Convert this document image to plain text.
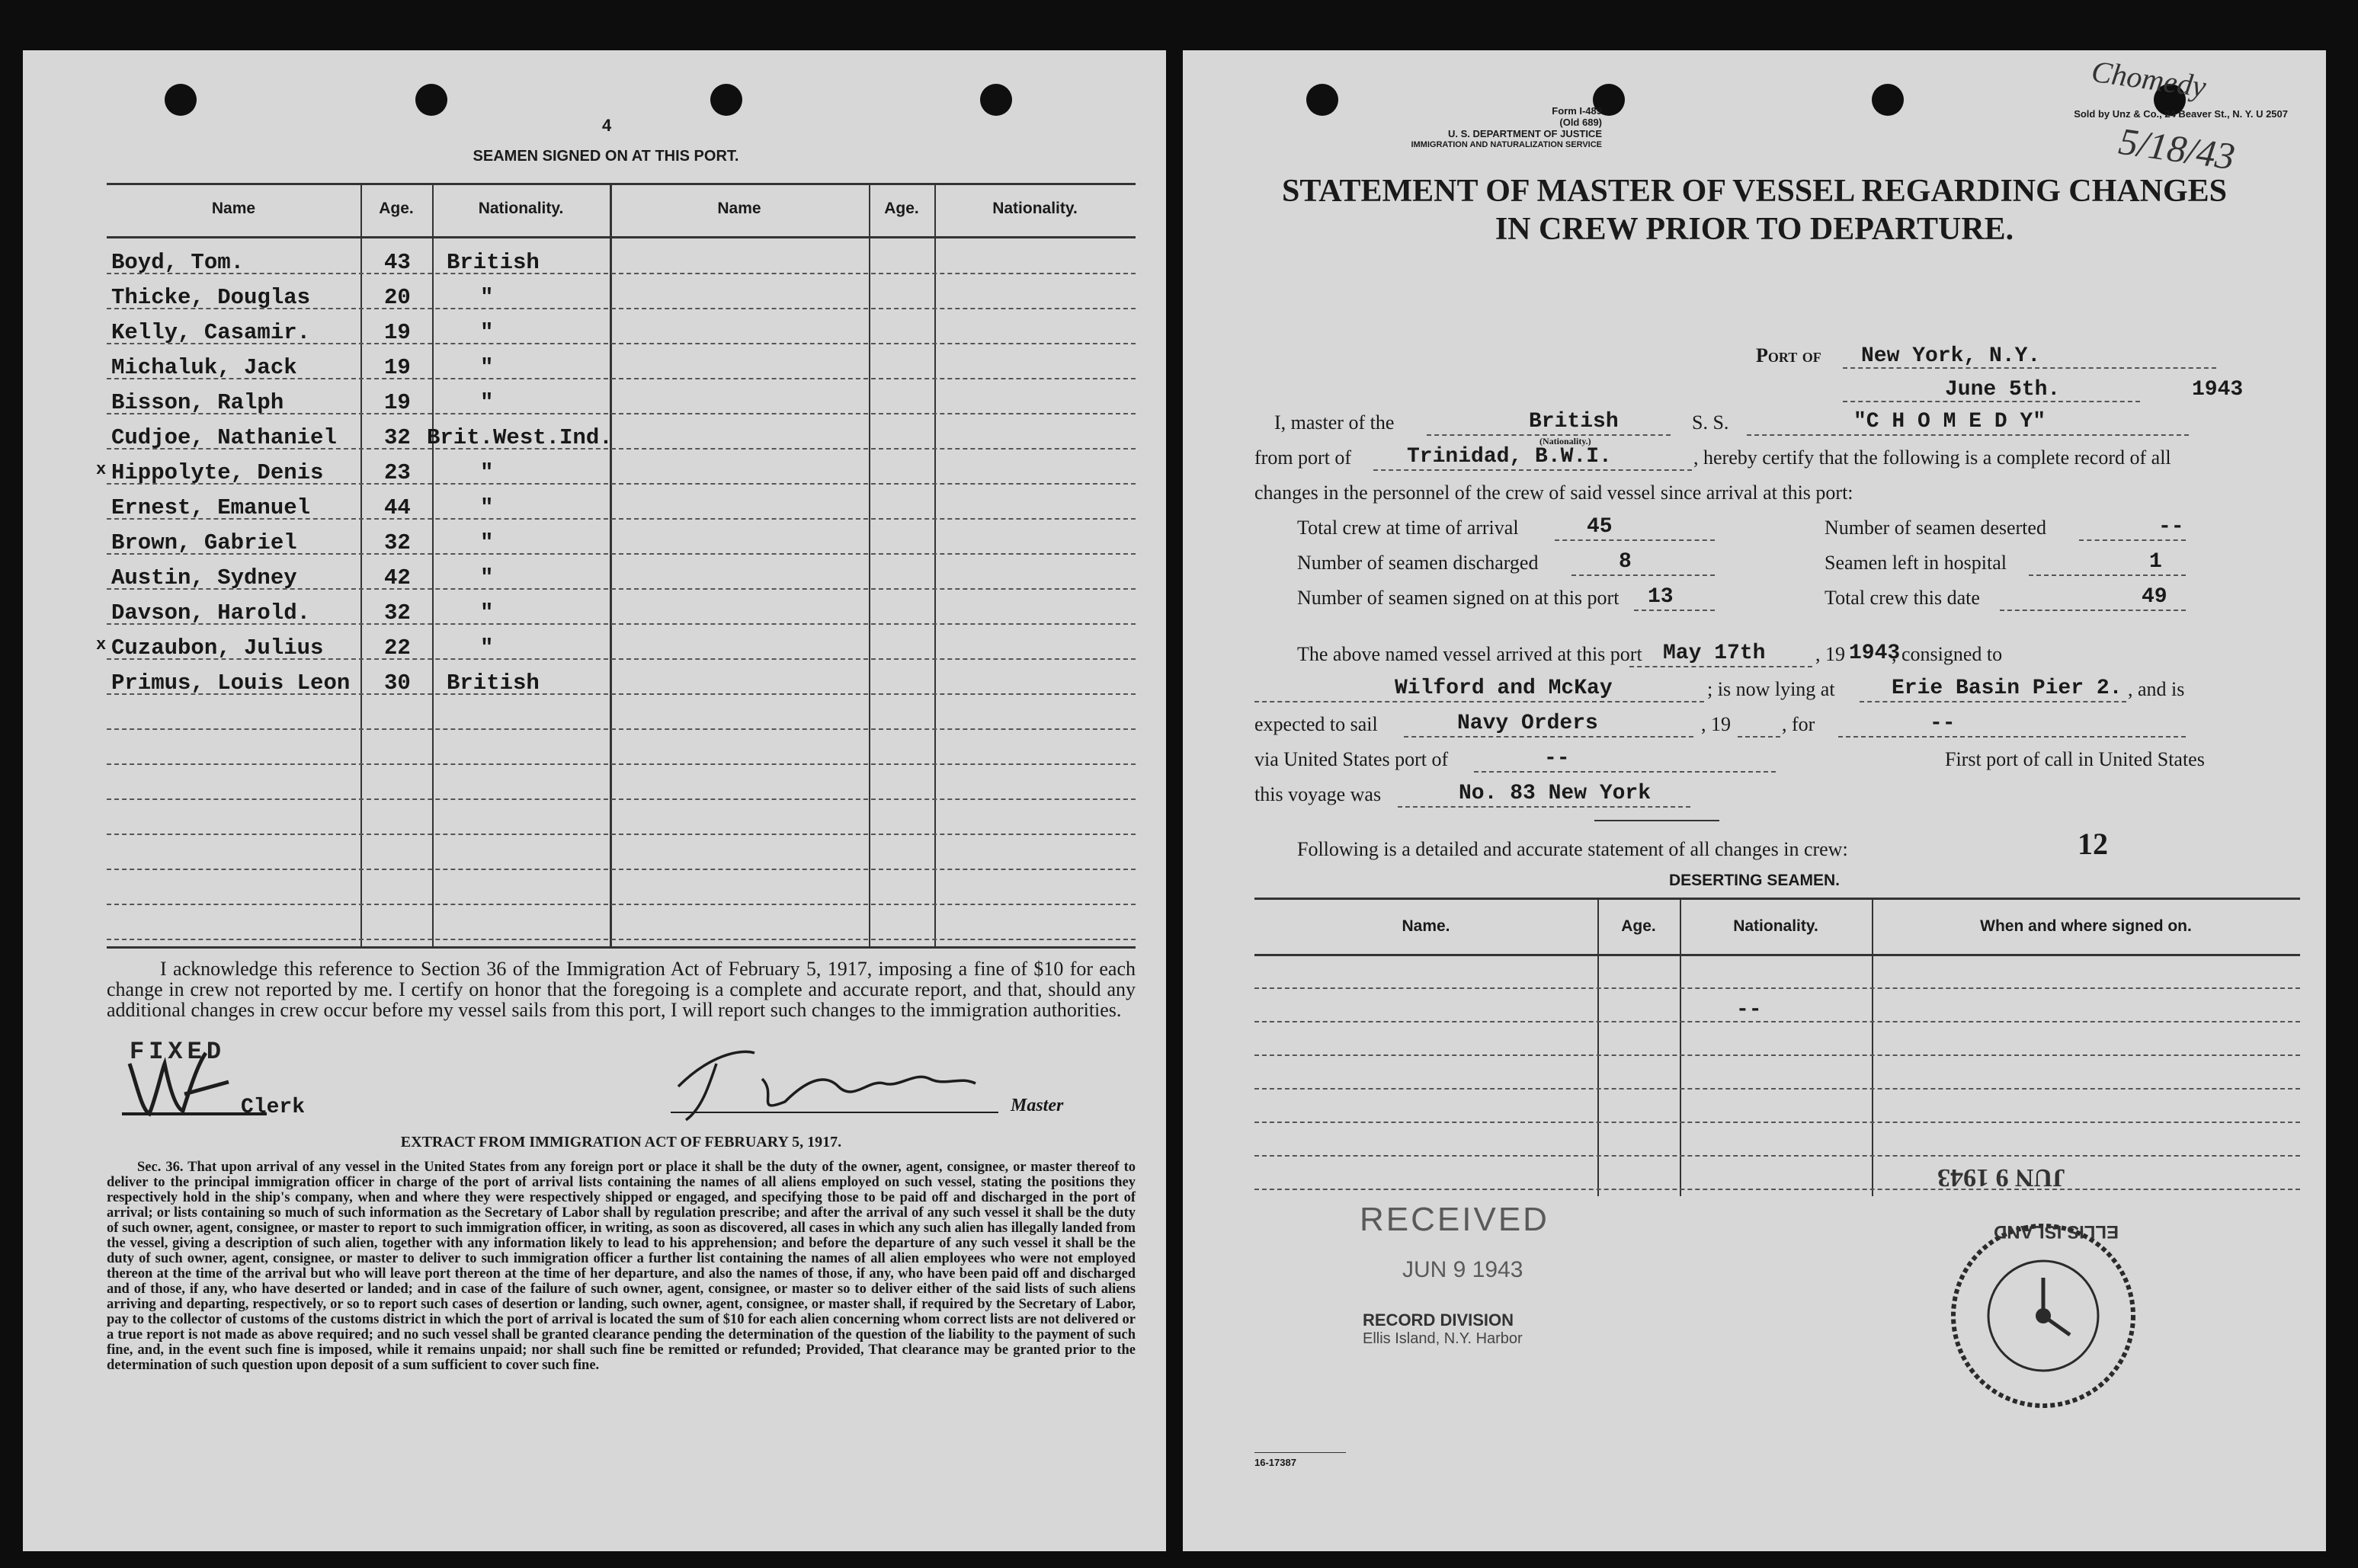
4
SEAMEN SIGNED ON AT THIS PORT.
Name	Age.	Nationality.	Name	Age.	Nationality.
Boyd, Tom.	43 British
Thicke, Douglas	20	"
Kelly, Casamir.	19	"
Michaluk, Jack	19	"
Bisson, Ralph	19	"
Cudjoe, Nathaniel 32 Brit.West.Ind.
x Hippolyte, Denis	23	"
Ernest, Emanuel	44	"
Brown, Gabriel	32	"
Austin, Sydney	42	"
Davson, Harold.	32	"
x Cuzaubon, Julius	22	"
Primus, Louis Leon 30 British
I acknowledge this reference to Section 36 of the Immigration Act of February 5, 1917, imposing a fine of $10 for each change in crew not reported by me. I certify on honor that the foregoing is a complete and accurate report, and that, should any additional changes in crew occur before my vessel sails from this port, I will report such changes to the immigration authorities.
FIXED
Clerk	Master
EXTRACT FROM IMMIGRATION ACT OF FEBRUARY 5, 1917.
Sec. 36. That upon arrival of any vessel in the United States from any foreign port or place it shall be the duty of the owner, agent, consignee, or master thereof to deliver to the principal immigration officer in charge of the port of arrival lists containing the names of all aliens employed on such vessel, stating the positions they respectively hold in the ship's company, when and where they were respectively shipped or engaged, and specifying those to be paid off and discharged in the port of arrival; or lists containing so much of such information as the Secretary of Labor shall by regulation prescribe; and after the arrival of any such vessel it shall be the duty of such owner, agent, consignee, or master to report to such immigration officer, in writing, as soon as discovered, all cases in which any such alien has illegally landed from the vessel, giving a description of such alien, together with any information likely to lead to his apprehension; and before the departure of any such vessel it shall be the duty of such owner, agent, consignee, or master to deliver to such immigration officer a further list containing the names of all alien employees who were not employed thereon at the time of the arrival but who will leave port thereon at the time of her departure, and also the names of those, if any, who have been paid off and discharged and of those, if any, who have deserted or landed; and in case of the failure of such owner, agent, consignee, or master so to deliver either of the said lists of such aliens arriving and departing, respectively, or so to report such cases of desertion or landing, such owner, agent, consignee, or master shall, if required by the Secretary of Labor, pay to the collector of customs of the customs district in which the port of arrival is located the sum of $10 for each alien concerning whom correct lists are not delivered or a true report is not made as above required; and no such vessel shall be granted clearance pending the determination of the question of the liability to the payment of such fine, and, in the event such fine is imposed, while it remains unpaid; nor shall such fine be remitted or refunded; Provided, That clearance may be granted prior to the determination of such question upon deposit of a sum sufficient to cover such fine.
Form I-489
(Old 689)
U. S. DEPARTMENT OF JUSTICE
IMMIGRATION AND NATURALIZATION SERVICE
Sold by Unz & Co., 24 Beaver St., N. Y. U 2507
Chomedy
5/18/43
STATEMENT OF MASTER OF VESSEL REGARDING CHANGES
IN CREW PRIOR TO DEPARTURE.
Port of New York, N.Y.
June 5th.	1943
I, master of the	British
(Nationality.)
S. S.	"C H O M E D Y"
from port of	Trinidad, B.W.I.	, hereby certify that the following is a complete record of all
changes in the personnel of the crew of said vessel since arrival at this port:
Total crew at time of arrival	45	Number of seamen deserted	--
Number of seamen discharged	8	Seamen left in hospital	1
Number of seamen signed on at this port 13	Total crew this date	49
The above named vessel arrived at this port May 17th	, 19 1943
, consigned to
Wilford and McKay	; is now lying at	Erie Basin Pier 2. , and is
expected to sail	Navy Orders	, 19	, for	--
via United States port of	--	First port of call in United States
this voyage was	No. 83 New York
Following is a detailed and accurate statement of all changes in crew:	12
DESERTING SEAMEN.
Name.	Age.	Nationality.	When and where signed on.
--
RECEIVED
JUN 9 1943
RECORD DIVISION
Ellis Island, N.Y. Harbor
JUN 9 1943
ELLIS ISLAND
16-17387
